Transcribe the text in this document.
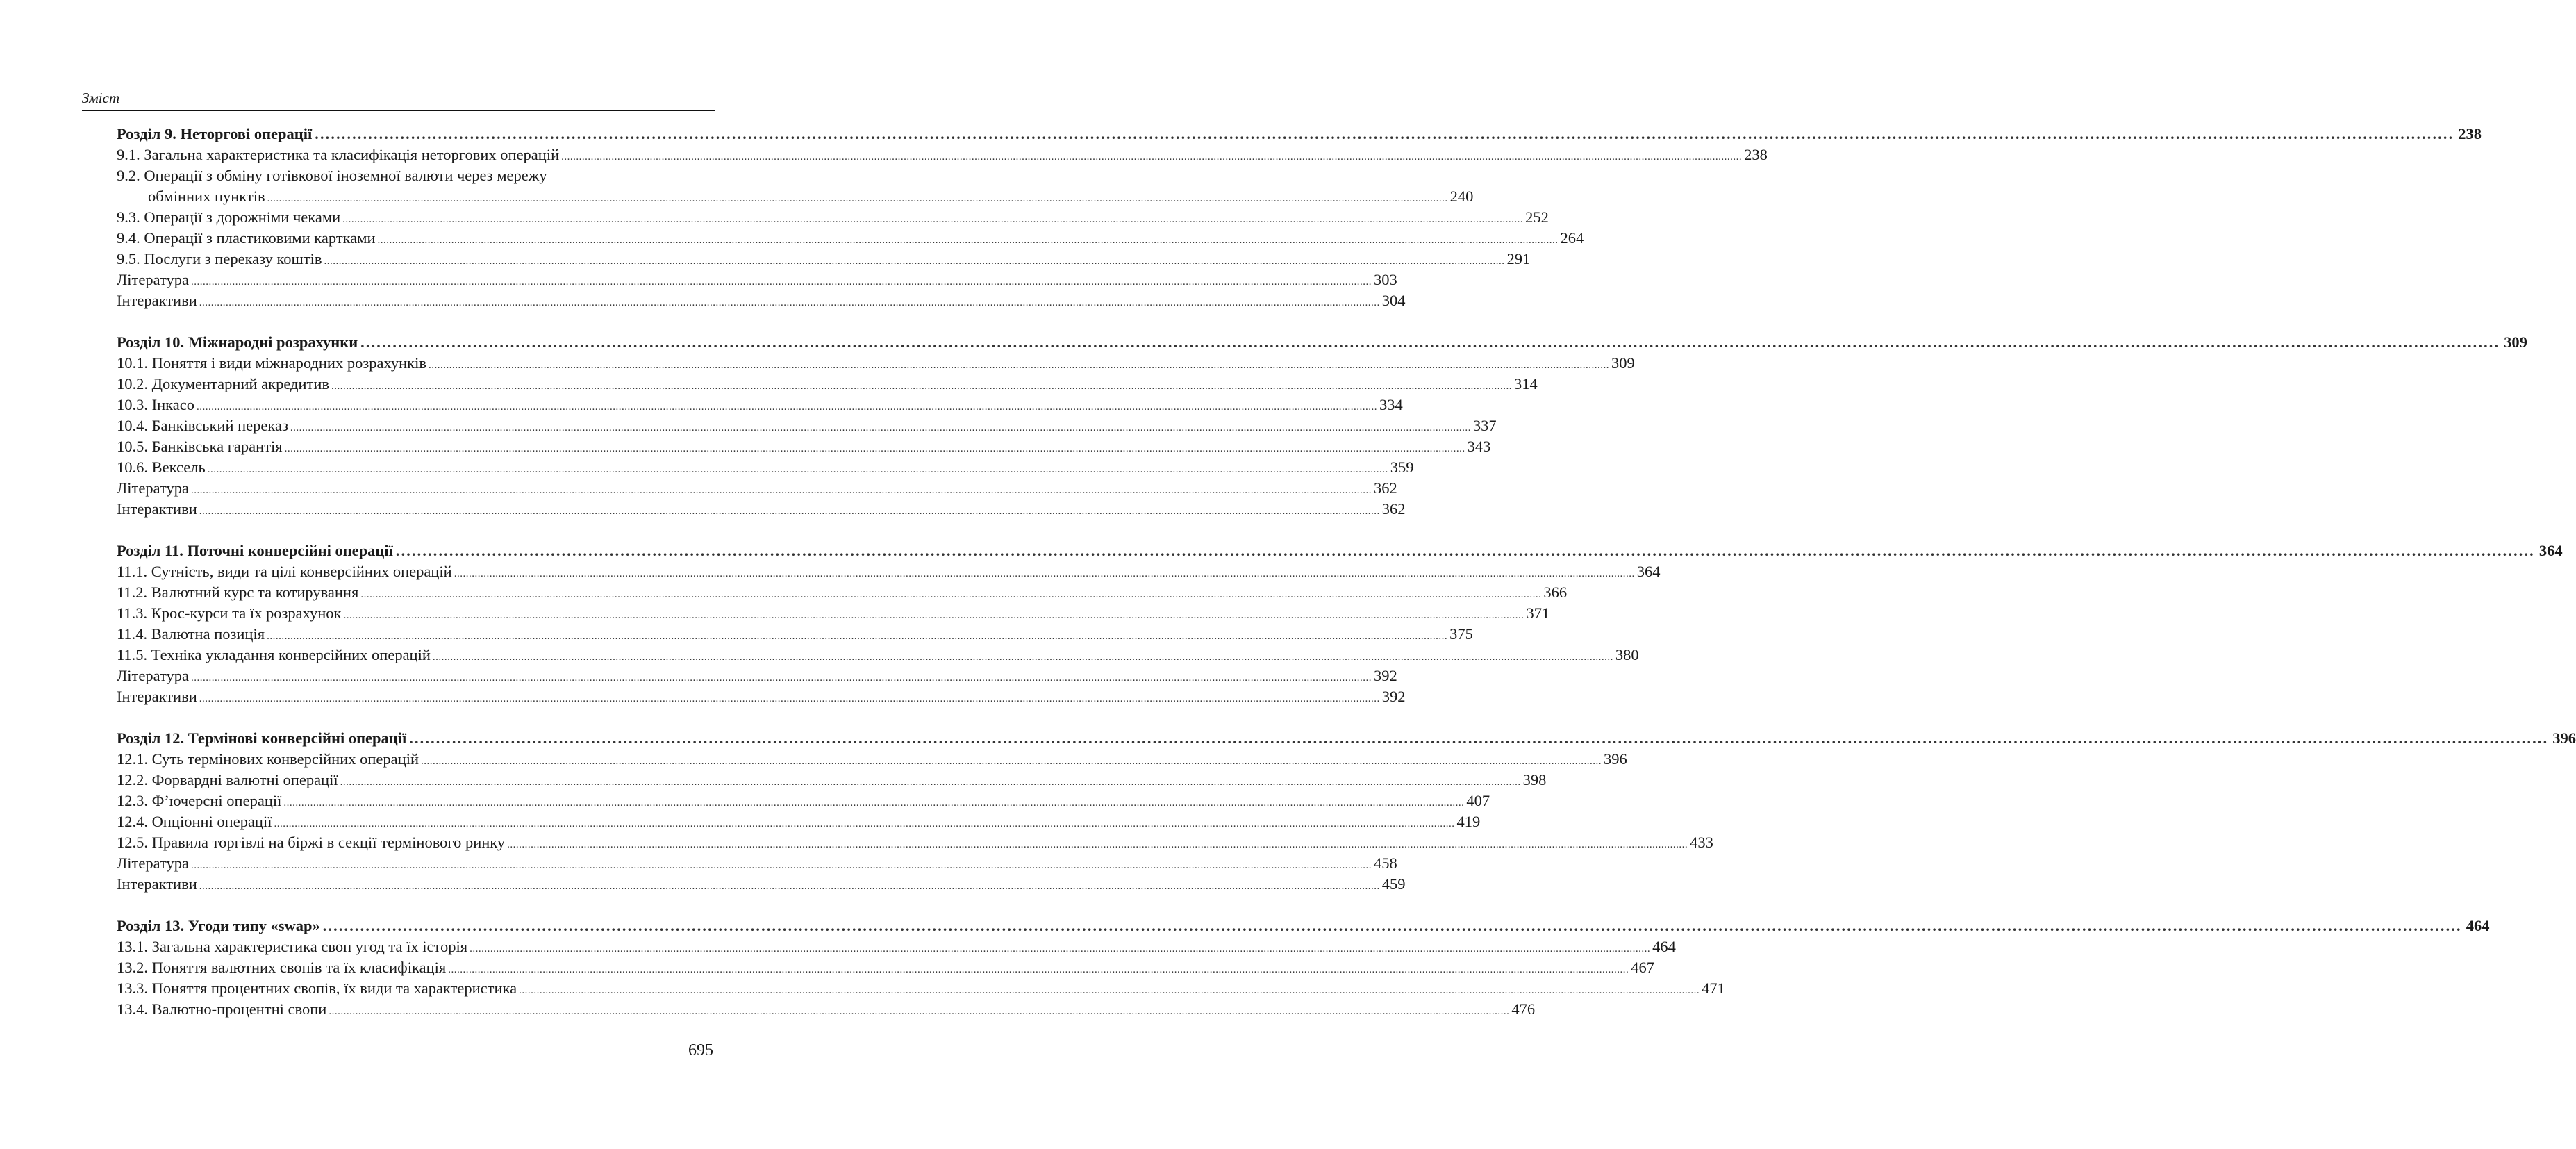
Зміст
Розділ 9. Неторгові операції ................................................................................................................................................................................................................................................................................................................................................................................................................ 238
9.1. Загальна характеристика та класифікація неторгових операцій ................................................................................................................................................................................................................................................................................................................................................................................................................ 238
9.2. Операції з обміну готівкової іноземної валюти через мережу
обмінних пунктів ................................................................................................................................................................................................................................................................................................................................................................................................................ 240
9.3. Операції з дорожніми чеками ................................................................................................................................................................................................................................................................................................................................................................................................................ 252
9.4. Операції з пластиковими картками ................................................................................................................................................................................................................................................................................................................................................................................................................ 264
9.5. Послуги з переказу коштів ................................................................................................................................................................................................................................................................................................................................................................................................................ 291
Література ................................................................................................................................................................................................................................................................................................................................................................................................................ 303
Інтерактиви ................................................................................................................................................................................................................................................................................................................................................................................................................ 304
Розділ 10. Міжнародні розрахунки ................................................................................................................................................................................................................................................................................................................................................................................................................ 309
10.1. Поняття і види міжнародних розрахунків ................................................................................................................................................................................................................................................................................................................................................................................................................ 309
10.2. Документарний акредитив ................................................................................................................................................................................................................................................................................................................................................................................................................ 314
10.3. Інкасо ................................................................................................................................................................................................................................................................................................................................................................................................................ 334
10.4. Банківський переказ ................................................................................................................................................................................................................................................................................................................................................................................................................ 337
10.5. Банківська гарантія ................................................................................................................................................................................................................................................................................................................................................................................................................ 343
10.6. Вексель ................................................................................................................................................................................................................................................................................................................................................................................................................ 359
Література ................................................................................................................................................................................................................................................................................................................................................................................................................ 362
Інтерактиви ................................................................................................................................................................................................................................................................................................................................................................................................................ 362
Розділ 11. Поточні конверсійні операції ................................................................................................................................................................................................................................................................................................................................................................................................................ 364
11.1. Сутність, види та цілі конверсійних операцій ................................................................................................................................................................................................................................................................................................................................................................................................................ 364
11.2. Валютний курс та котирування ................................................................................................................................................................................................................................................................................................................................................................................................................ 366
11.3. Крос-курси та їх розрахунок ................................................................................................................................................................................................................................................................................................................................................................................................................ 371
11.4. Валютна позиція ................................................................................................................................................................................................................................................................................................................................................................................................................ 375
11.5. Техніка укладання конверсійних операцій ................................................................................................................................................................................................................................................................................................................................................................................................................ 380
Література ................................................................................................................................................................................................................................................................................................................................................................................................................ 392
Інтерактиви ................................................................................................................................................................................................................................................................................................................................................................................................................ 392
Розділ 12. Термінові конверсійні операції ................................................................................................................................................................................................................................................................................................................................................................................................................ 396
12.1. Суть термінових конверсійних операцій ................................................................................................................................................................................................................................................................................................................................................................................................................ 396
12.2. Форвардні валютні операції ................................................................................................................................................................................................................................................................................................................................................................................................................ 398
12.3. Ф’ючерсні операції ................................................................................................................................................................................................................................................................................................................................................................................................................ 407
12.4. Опціонні операції ................................................................................................................................................................................................................................................................................................................................................................................................................ 419
12.5. Правила торгівлі на біржі в секції термінового ринку ................................................................................................................................................................................................................................................................................................................................................................................................................ 433
Література ................................................................................................................................................................................................................................................................................................................................................................................................................ 458
Інтерактиви ................................................................................................................................................................................................................................................................................................................................................................................................................ 459
Розділ 13. Угоди типу «swap» ................................................................................................................................................................................................................................................................................................................................................................................................................ 464
13.1. Загальна характеристика своп угод та їх історія ................................................................................................................................................................................................................................................................................................................................................................................................................ 464
13.2. Поняття валютних свопів та їх класифікація ................................................................................................................................................................................................................................................................................................................................................................................................................ 467
13.3. Поняття процентних свопів, їх види та характеристика ................................................................................................................................................................................................................................................................................................................................................................................................................ 471
13.4. Валютно-процентні свопи ................................................................................................................................................................................................................................................................................................................................................................................................................ 476
695
